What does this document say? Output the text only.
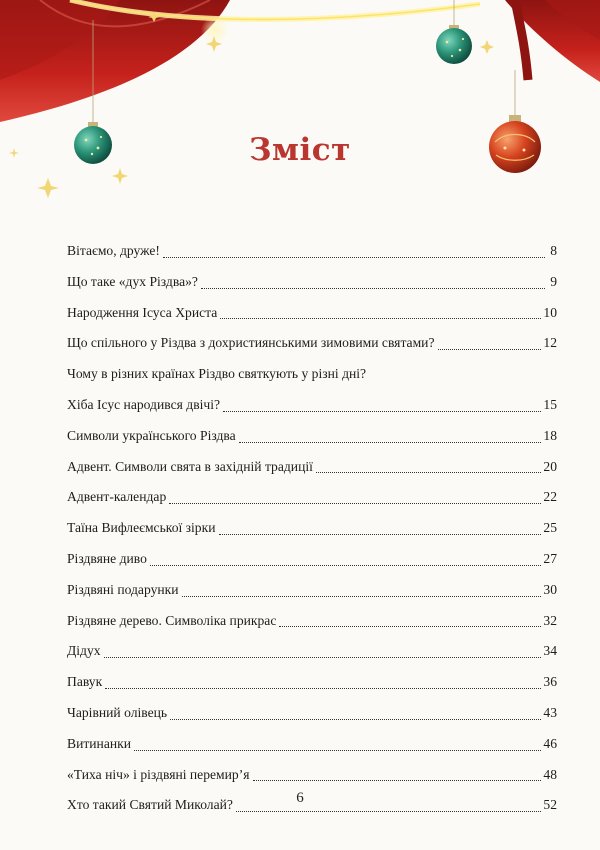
Зміст
Вітаємо, друже!	8
Що таке «дух Різдва»?	9
Народження Ісуса Христа	10
Що спільного у Різдва з дохристиянськими зимовими святами?	12
Чому в різних країнах Різдво святкують у різні дні?
Хіба Ісус народився двічі?	15
Символи українського Різдва	18
Адвент. Символи свята в західній традиції	20
Адвент-календар	22
Таїна Вифлеємської зірки	25
Різдвяне диво	27
Різдвяні подарунки	30
Різдвяне дерево. Символіка прикрас	32
Дідух	34
Павук	36
Чарівний олівець	43
Витинанки	46
«Тиха ніч» і різдвяні перемир’я	48
Хто такий Святий Миколай?	52
6
